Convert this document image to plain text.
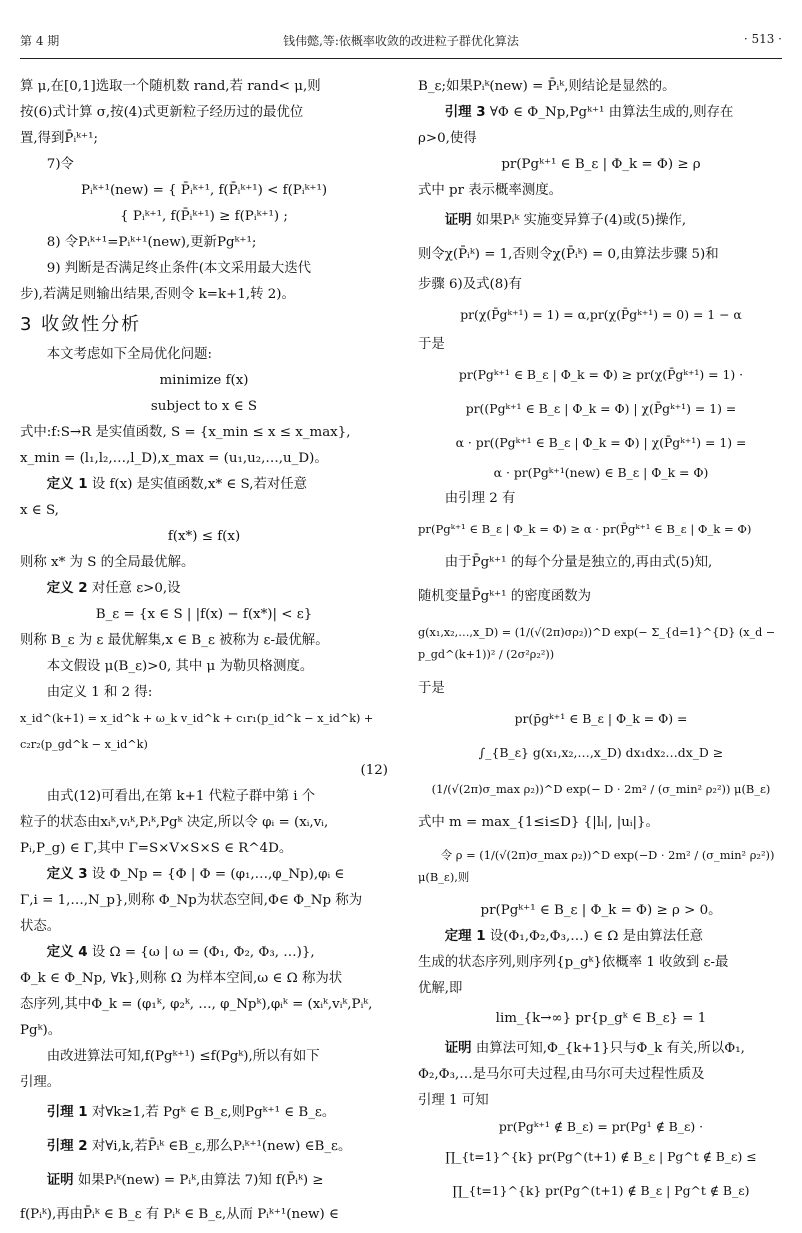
第 4 期	钱伟懿,等:依概率收敛的改进粒子群优化算法	· 513 ·

算 μ,在[0,1]选取一个随机数 rand,若 rand< μ,则

按(6)式计算 σ,按(4)式更新粒子经历过的最优位

置,得到P̄ᵢᵏ⁺¹;

7)令

Pᵢᵏ⁺¹(new) = { P̄ᵢᵏ⁺¹, f(P̄ᵢᵏ⁺¹) < f(Pᵢᵏ⁺¹)

{ Pᵢᵏ⁺¹, f(P̄ᵢᵏ⁺¹) ≥ f(Pᵢᵏ⁺¹) ;

8) 令Pᵢᵏ⁺¹=Pᵢᵏ⁺¹(new),更新Pgᵏ⁺¹;

9) 判断是否满足终止条件(本文采用最大迭代

步),若满足则输出结果,否则令 k=k+1,转 2)。

3 收敛性分析

本文考虑如下全局优化问题:

minimize f(x)

subject to x ∈ S

式中:f:S→R 是实值函数, S = {x_min ≤ x ≤ x_max},

x_min = (l₁,l₂,…,l_D),x_max = (u₁,u₂,…,u_D)。

定义 1 设 f(x) 是实值函数,x* ∈ S,若对任意

x ∈ S,

f(x*) ≤ f(x)

则称 x* 为 S 的全局最优解。

定义 2 对任意 ε>0,设

B_ε = {x ∈ S | |f(x) − f(x*)| < ε}

则称 B_ε 为 ε 最优解集,x ∈ B_ε 被称为 ε-最优解。

本文假设 μ(B_ε)>0, 其中 μ 为勒贝格测度。

由定义 1 和 2 得:

x_id^(k+1) = x_id^k + ω_k v_id^k + c₁r₁(p_id^k − x_id^k) + c₂r₂(p_gd^k − x_id^k)

(12)

由式(12)可看出,在第 k+1 代粒子群中第 i 个

粒子的状态由xᵢᵏ,vᵢᵏ,Pᵢᵏ,Pgᵏ 决定,所以令 φᵢ = (xᵢ,vᵢ,

Pᵢ,P_g) ∈ Γ,其中 Γ=S×V×S×S ∈ R^4D。

定义 3 设 Φ_Np = {Φ | Φ = (φ₁,…,φ_Np),φᵢ ∈

Γ,i = 1,…,N_p},则称 Φ_Np为状态空间,Φ∈ Φ_Np 称为

状态。

定义 4 设 Ω = {ω | ω = (Φ₁, Φ₂, Φ₃, …)},

Φ_k ∈ Φ_Np, ∀k},则称 Ω 为样本空间,ω ∈ Ω 称为状

态序列,其中Φ_k = (φ₁ᵏ, φ₂ᵏ, …, φ_Npᵏ),φᵢᵏ = (xᵢᵏ,vᵢᵏ,Pᵢᵏ,

Pgᵏ)。

由改进算法可知,f(Pgᵏ⁺¹) ≤f(Pgᵏ),所以有如下

引理。

引理 1 对∀k≥1,若 Pgᵏ ∈ B_ε,则Pgᵏ⁺¹ ∈ B_ε。

引理 2 对∀i,k,若P̄ᵢᵏ ∈B_ε,那么Pᵢᵏ⁺¹(new) ∈B_ε。

证明 如果Pᵢᵏ(new) = Pᵢᵏ,由算法 7)知 f(P̄ᵢᵏ) ≥

f(Pᵢᵏ),再由P̄ᵢᵏ ∈ B_ε 有 Pᵢᵏ ∈ B_ε,从而 Pᵢᵏ⁺¹(new) ∈

B_ε;如果Pᵢᵏ(new) = P̄ᵢᵏ,则结论是显然的。

引理 3 ∀Φ ∈ Φ_Np,Pgᵏ⁺¹ 由算法生成的,则存在

ρ>0,使得

pr(Pgᵏ⁺¹ ∈ B_ε | Φ_k = Φ) ≥ ρ

式中 pr 表示概率测度。

证明 如果Pᵢᵏ 实施变异算子(4)或(5)操作,

则令χ(P̄ᵢᵏ) = 1,否则令χ(P̄ᵢᵏ) = 0,由算法步骤 5)和

步骤 6)及式(8)有

pr(χ(P̄gᵏ⁺¹) = 1) = α,pr(χ(P̄gᵏ⁺¹) = 0) = 1 − α

于是

pr(Pgᵏ⁺¹ ∈ B_ε | Φ_k = Φ) ≥ pr(χ(P̄gᵏ⁺¹) = 1) ·

pr((Pgᵏ⁺¹ ∈ B_ε | Φ_k = Φ) | χ(P̄gᵏ⁺¹) = 1) =

α · pr((Pgᵏ⁺¹ ∈ B_ε | Φ_k = Φ) | χ(P̄gᵏ⁺¹) = 1) =

α · pr(Pgᵏ⁺¹(new) ∈ B_ε | Φ_k = Φ)

由引理 2 有

pr(Pgᵏ⁺¹ ∈ B_ε | Φ_k = Φ) ≥ α · pr(P̄gᵏ⁺¹ ∈ B_ε | Φ_k = Φ)

由于P̄gᵏ⁺¹ 的每个分量是独立的,再由式(5)知,

随机变量P̄gᵏ⁺¹ 的密度函数为

g(x₁,x₂,…,x_D) = (1/(√(2π)σρ₂))^D exp(− Σ_{d=1}^{D} (x_d − p_gd^(k+1))² / (2σ²ρ₂²))

于是

pr(p̄gᵏ⁺¹ ∈ B_ε | Φ_k = Φ) =

∫_{B_ε} g(x₁,x₂,…,x_D) dx₁dx₂…dx_D ≥

(1/(√(2π)σ_max ρ₂))^D exp(− D · 2m² / (σ_min² ρ₂²)) μ(B_ε)

式中 m = max_{1≤i≤D} {|lᵢ|, |uᵢ|}。

令 ρ = (1/(√(2π)σ_max ρ₂))^D exp(−D · 2m² / (σ_min² ρ₂²)) μ(B_ε),则

pr(Pgᵏ⁺¹ ∈ B_ε | Φ_k = Φ) ≥ ρ > 0。

定理 1 设(Φ₁,Φ₂,Φ₃,…) ∈ Ω 是由算法任意

生成的状态序列,则序列{p_gᵏ}依概率 1 收敛到 ε-最

优解,即

lim_{k→∞} pr{p_gᵏ ∈ B_ε} = 1

证明 由算法可知,Φ_{k+1}只与Φ_k 有关,所以Φ₁,

Φ₂,Φ₃,…是马尔可夫过程,由马尔可夫过程性质及

引理 1 可知

pr(Pgᵏ⁺¹ ∉ B_ε) = pr(Pg¹ ∉ B_ε) ·

∏_{t=1}^{k} pr(Pg^(t+1) ∉ B_ε | Pg^t ∉ B_ε) ≤

∏_{t=1}^{k} pr(Pg^(t+1) ∉ B_ε | Pg^t ∉ B_ε)
